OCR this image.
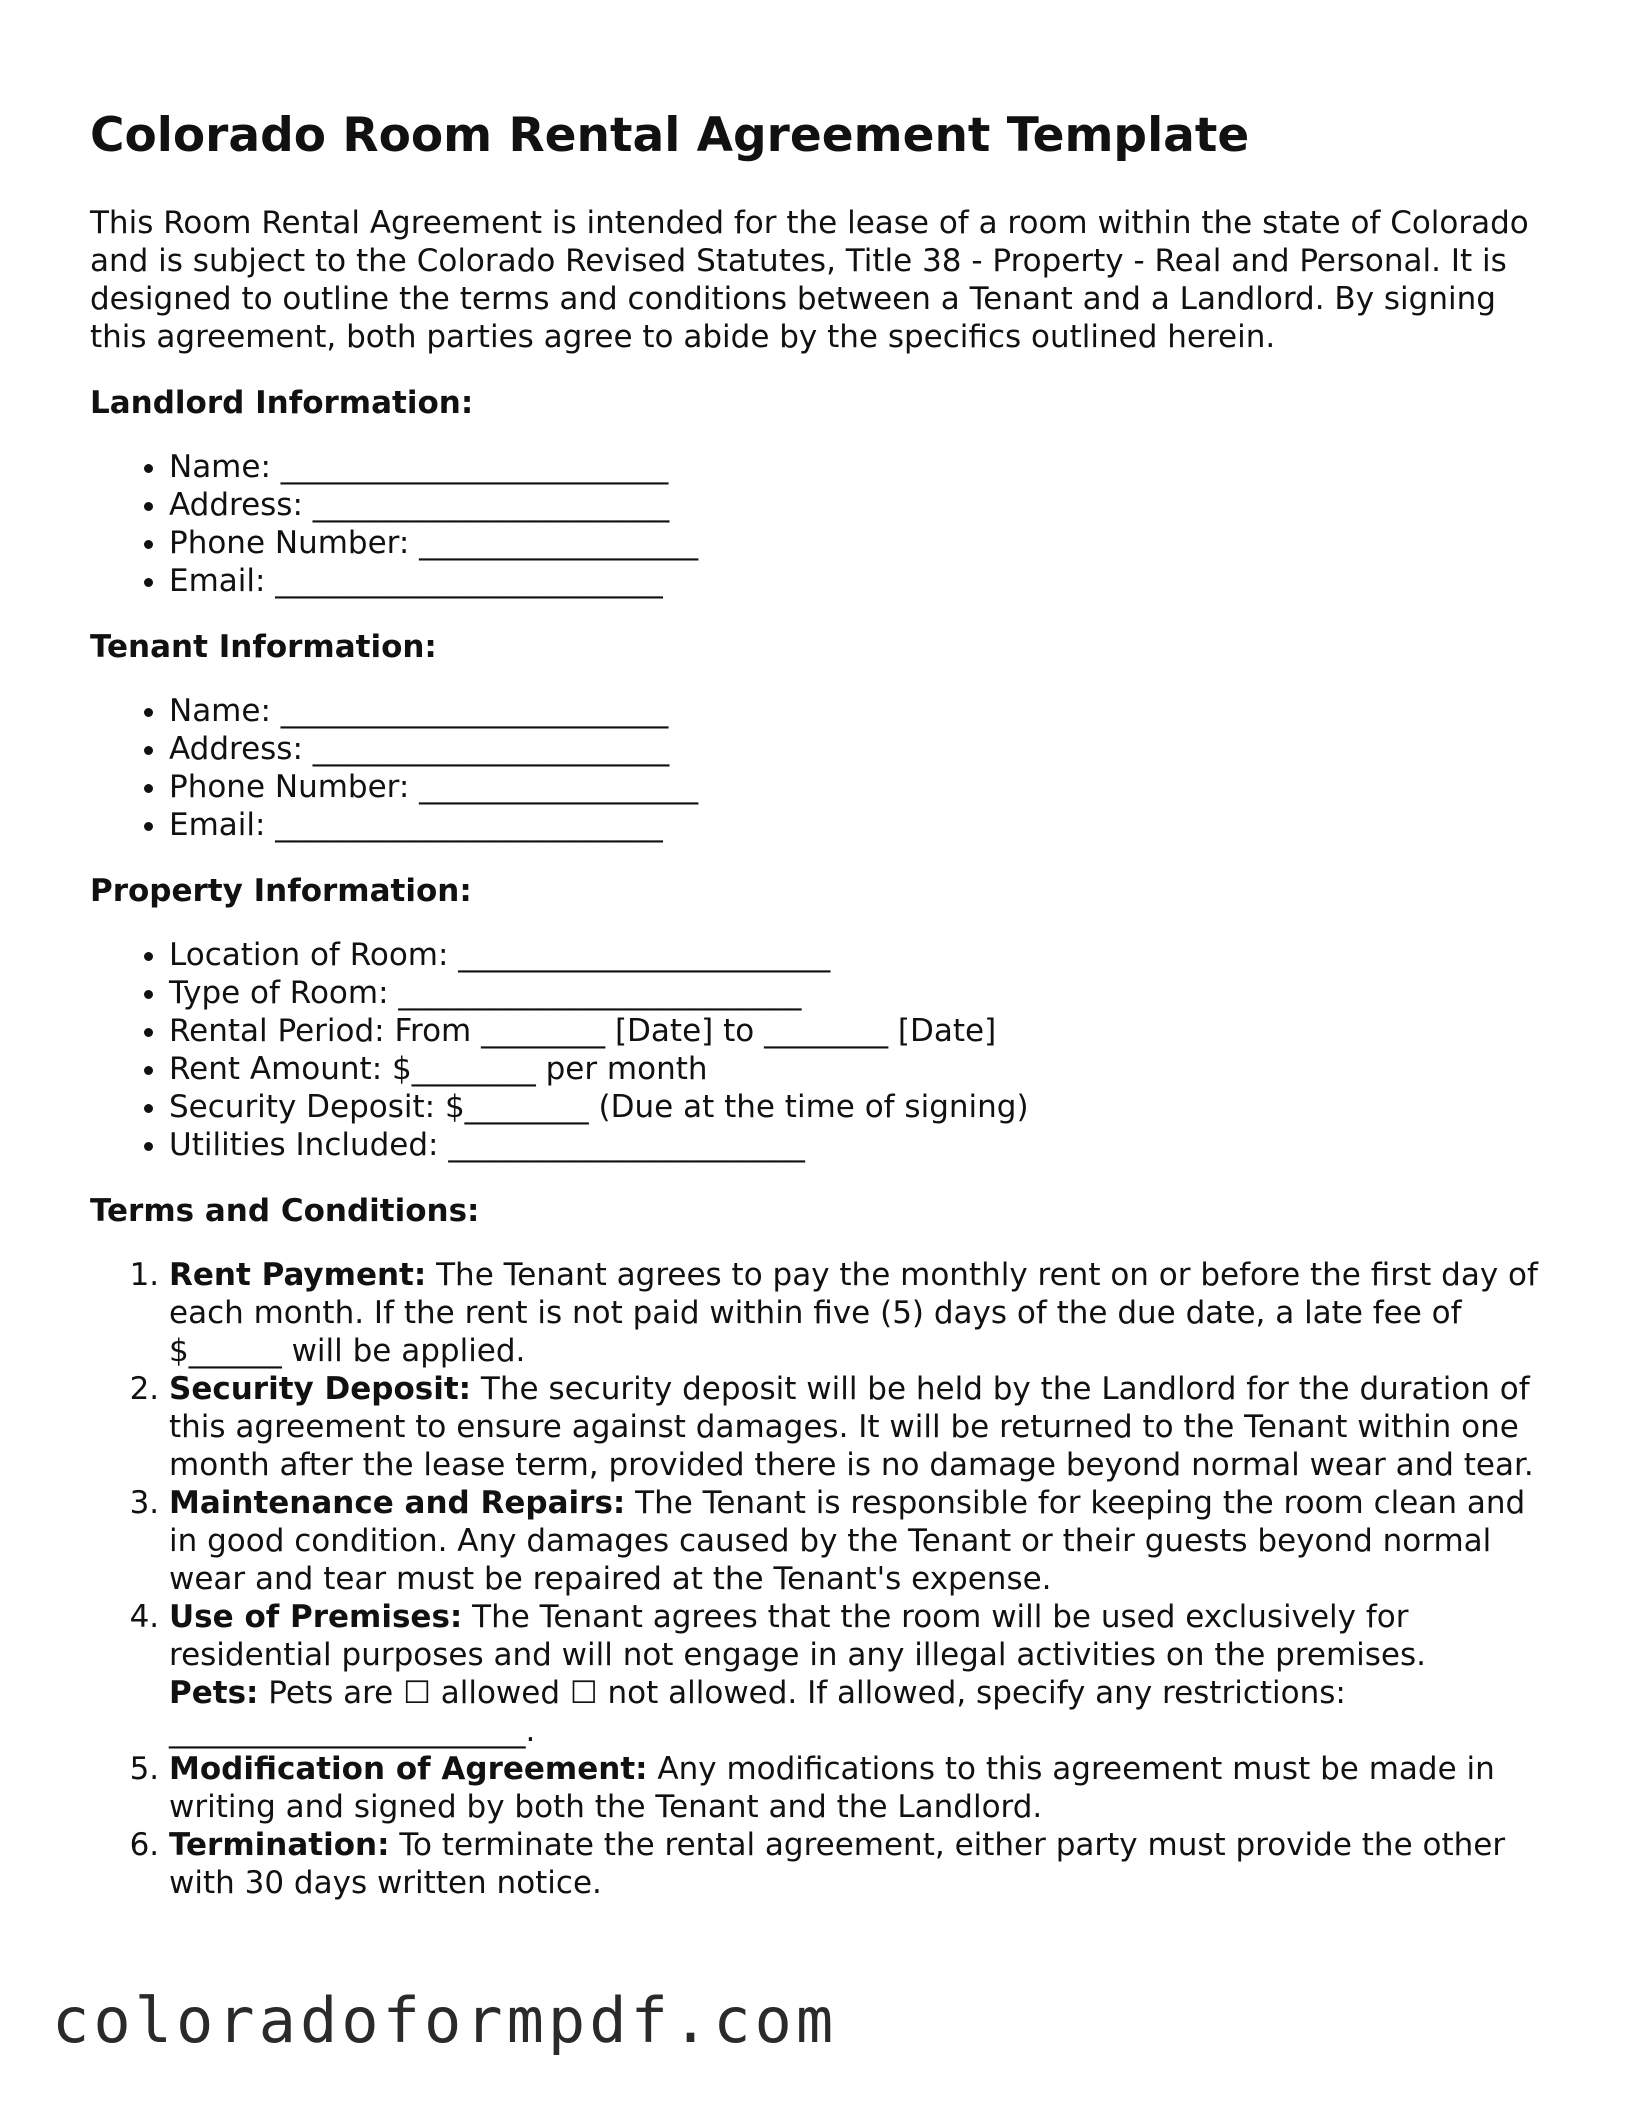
Colorado Room Rental Agreement Template

This Room Rental Agreement is intended for the lease of a room within the state of Colorado and is subject to the Colorado Revised Statutes, Title 38 - Property - Real and Personal. It is designed to outline the terms and conditions between a Tenant and a Landlord. By signing this agreement, both parties agree to abide by the specifics outlined herein.

Landlord Information:
• Name: _________________________
• Address: _______________________
• Phone Number: __________________
• Email: _________________________
Tenant Information:
• Name: _________________________
• Address: _______________________
• Phone Number: __________________
• Email: _________________________
Property Information:
• Location of Room: ________________________
• Type of Room: __________________________
• Rental Period: From ________ [Date] to ________ [Date]
• Rent Amount: $________ per month
• Security Deposit: $________ (Due at the time of signing)
• Utilities Included: _______________________
Terms and Conditions:
1. Rent Payment: The Tenant agrees to pay the monthly rent on or before the first day of each month. If the rent is not paid within five (5) days of the due date, a late fee of $______ will be applied.
2. Security Deposit: The security deposit will be held by the Landlord for the duration of this agreement to ensure against damages. It will be returned to the Tenant within one month after the lease term, provided there is no damage beyond normal wear and tear.
3. Maintenance and Repairs: The Tenant is responsible for keeping the room clean and in good condition. Any damages caused by the Tenant or their guests beyond normal wear and tear must be repaired at the Tenant's expense.
4. Use of Premises: The Tenant agrees that the room will be used exclusively for residential purposes and will not engage in any illegal activities on the premises.
Pets: Pets are ☐ allowed ☐ not allowed. If allowed, specify any restrictions: _______________________.
5. Modification of Agreement: Any modifications to this agreement must be made in writing and signed by both the Tenant and the Landlord.
6. Termination: To terminate the rental agreement, either party must provide the other with 30 days written notice.
coloradoformpdf.com
